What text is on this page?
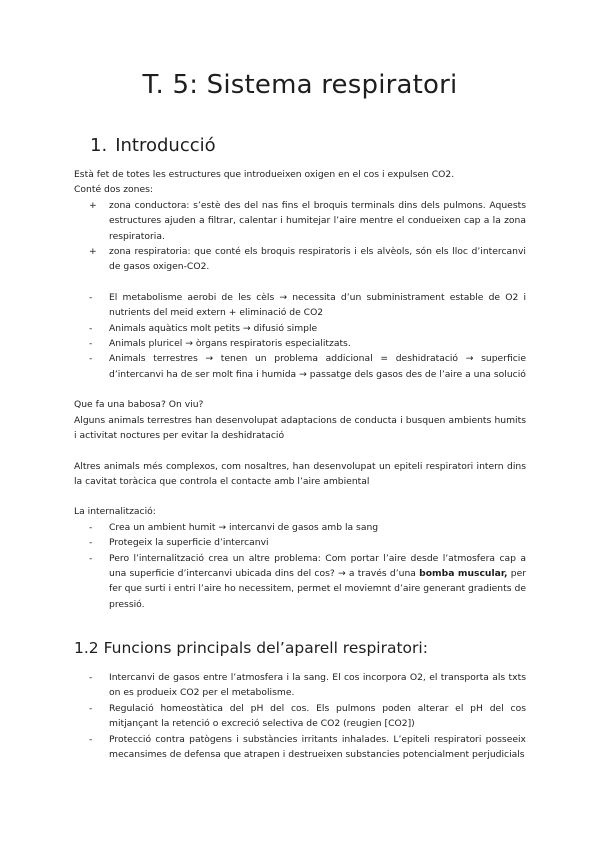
T. 5: Sistema respiratori
1. Introducció

Està fet de totes les estructures que introdueixen oxigen en el cos i expulsen CO2.

Conté dos zones:

+ zona conductora: s’estè des del nas fins el broquis terminals dins dels pulmons. Aquests estructures ajuden a filtrar, calentar i humitejar l’aire mentre el condueixen cap a la zona respiratoria.
+ zona respiratoria: que conté els broquis respiratoris i els alvèols, són els lloc d’intercanvi de gasos oxigen-CO2.
- El metabolisme aerobi de les cèls → necessita d’un subministrament estable de O2 i nutrients del meid extern + eliminació de CO2
- Animals aquàtics molt petits → difusió simple
- Animals pluricel → òrgans respiratoris especialitzats.
- Animals terrestres → tenen un problema addicional = deshidratació → superficie d’intercanvi ha de ser molt fina i humida → passatge dels gasos des de l’aire a una solució

Que fa una babosa? On viu?

Alguns animals terrestres han desenvolupat adaptacions de conducta i busquen ambients humits i activitat noctures per evitar la deshidratació

Altres animals més complexos, com nosaltres, han desenvolupat un epiteli respiratori intern dins la cavitat toràcica que controla el contacte amb l’aire ambiental

La internalització:

- Crea un ambient humit → intercanvi de gasos amb la sang
- Protegeix la superficie d’intercanvi
- Pero l’internalització crea un altre problema: Com portar l’aire desde l’atmosfera cap a una superficie d’intercanvi ubicada dins del cos? → a través d’una bomba muscular, per fer que surti i entri l’aire ho necessitem, permet el moviemnt d’aire generant gradients de pressió.
1.2 Funcions principals del’aparell respiratori:
- Intercanvi de gasos entre l’atmosfera i la sang. El cos incorpora O2, el transporta als txts on es produeix CO2 per el metabolisme.
- Regulació homeostàtica del pH del cos. Els pulmons poden alterar el pH del cos mitjançant la retenció o excreció selectiva de CO2 (reugien [CO2])
- Protecció contra patògens i substàncies irritants inhalades. L’epiteli respiratori posseeix mecansimes de defensa que atrapen i destrueixen substancies potencialment perjudicials
